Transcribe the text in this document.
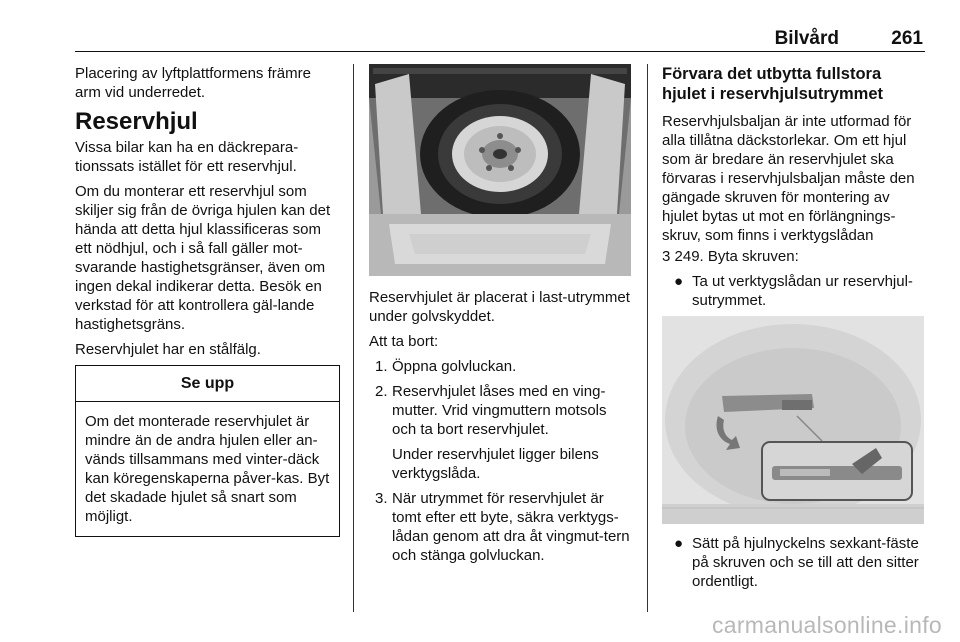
Bilvård	261

Placering av lyftplattformens främre arm vid underredet.

Reservhjul

Vissa bilar kan ha en däckrepara-tionssats istället för ett reservhjul.

Om du monterar ett reservhjul som skiljer sig från de övriga hjulen kan det hända att detta hjul klassificeras som ett nödhjul, och i så fall gäller mot-svarande hastighetsgränser, även om ingen dekal indikerar detta. Besök en verkstad för att kontrollera gäl-lande hastighetsgräns.

Reservhjulet har en stålfälg.

Se upp
Om det monterade reservhjulet är mindre än de andra hjulen eller an-vänds tillsammans med vinter-däck kan köregenskaperna påver-kas. Byt det skadade hjulet så snart som möjligt.

Reservhjulet är placerat i last-utrymmet under golvskyddet.

Att ta bort:

1. Öppna golvluckan.
2. Reservhjulet låses med en ving-mutter. Vrid vingmuttern motsols och ta bort reservhjulet.

Under reservhjulet ligger bilens verktygslåda.

3. När utrymmet för reservhjulet är tomt efter ett byte, säkra verktygs-lådan genom att dra åt vingmut-tern och stänga golvluckan.
Förvara det utbytta fullstora hjulet i reservhjulsutrymmet

Reservhjulsbaljan är inte utformad för alla tillåtna däckstorlekar. Om ett hjul som är bredare än reservhjulet ska förvaras i reservhjulsbaljan måste den gängade skruven för montering av hjulet bytas ut mot en förlängnings-skruv, som finns i verktygslådan

3 249. Byta skruven:

● Ta ut verktygslådan ur reservhjul-sutrymmet.
● Sätt på hjulnyckelns sexkant-fäste på skruven och se till att den sitter ordentligt.
carmanualsonline.info
